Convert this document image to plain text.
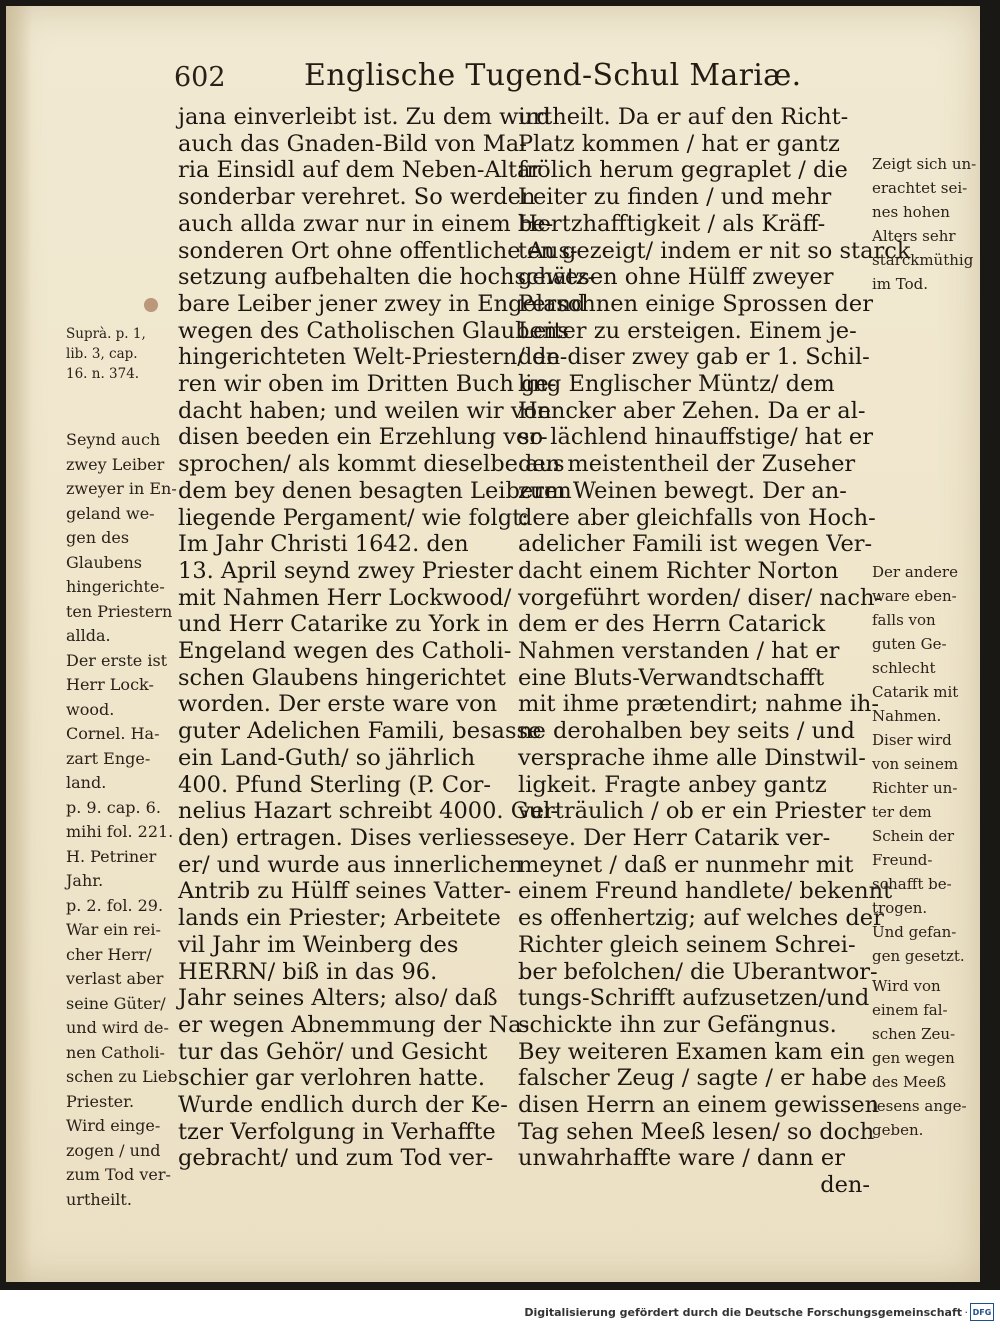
602	Englische Tugend-Schul Mariæ.

Suprà. p. 1,

lib. 3, cap.

16. n. 374.

Seynd auch

zwey Leiber

zweyer in En-

geland we-

gen des

Glaubens

hingerichte-

ten Priestern

allda.

Der erste ist

Herr Lock-

wood.

Cornel. Ha-

zart Enge-

land.

p. 9. cap. 6.

mihi fol. 221.

H. Petriner

Jahr.

p. 2. fol. 29.

War ein rei-

cher Herr/

verlast aber

seine Güter/

und wird de-

nen Catholi-

schen zu Lieb

Priester.

Wird einge-

zogen / und

zum Tod ver-

urtheilt.

jana einverleibt ist. Zu dem wird

auch das Gnaden-Bild von Ma-

ria Einsidl auf dem Neben-Altar

sonderbar verehret. So werden

auch allda zwar nur in einem be-

sonderen Ort ohne offentliche Aus-

setzung aufbehalten die hochschätz-

bare Leiber jener zwey in Engeland

wegen des Catholischen Glaubens

hingerichteten Welt-Priestern/ de-

ren wir oben im Dritten Buch ge-

dacht haben; und weilen wir von

disen beeden ein Erzehlung ver-

sprochen/ als kommt dieselbe aus

dem bey denen besagten Leiberen

liegende Pergament/ wie folgt:

Im Jahr Christi 1642. den

13. April seynd zwey Priester

mit Nahmen Herr Lockwood/

und Herr Catarike zu York in

Engeland wegen des Catholi-

schen Glaubens hingerichtet

worden. Der erste ware von

guter Adelichen Famili, besasse

ein Land-Guth/ so jährlich

400. Pfund Sterling (P. Cor-

nelius Hazart schreibt 4000. Gul-

den) ertragen. Dises verliesse

er/ und wurde aus innerlichen

Antrib zu Hülff seines Vatter-

lands ein Priester; Arbeitete

vil Jahr im Weinberg des

HERRN/ biß in das 96.

Jahr seines Alters; also/ daß

er wegen Abnemmung der Na-

tur das Gehör/ und Gesicht

schier gar verlohren hatte.

Wurde endlich durch der Ke-

tzer Verfolgung in Verhaffte

gebracht/ und zum Tod ver-

urtheilt. Da er auf den Richt-

Platz kommen / hat er gantz

frölich herum gegraplet / die

Leiter zu finden / und mehr

Hertzhafftigkeit / als Kräff-

ten gezeigt/ indem er nit so starck

gewesen ohne Hülff zweyer

Persohnen einige Sprossen der

Leiter zu ersteigen. Einem je-

den diser zwey gab er 1. Schil-

ling Englischer Müntz/ dem

Hencker aber Zehen. Da er al-

so lächlend hinauffstige/ hat er

den meistentheil der Zuseher

zum Weinen bewegt. Der an-

dere aber gleichfalls von Hoch-

adelicher Famili ist wegen Ver-

dacht einem Richter Norton

vorgeführt worden/ diser/ nach-

dem er des Herrn Catarick

Nahmen verstanden / hat er

eine Bluts-Verwandtschafft

mit ihme prætendirt; nahme ih-

ne derohalben bey seits / und

versprache ihme alle Dinstwil-

ligkeit. Fragte anbey gantz

verträulich / ob er ein Priester

seye. Der Herr Catarik ver-

meynet / daß er nunmehr mit

einem Freund handlete/ bekennt

es offenhertzig; auf welches der

Richter gleich seinem Schrei-

ber befolchen/ die Uberantwor-

tungs-Schrifft aufzusetzen/und

schickte ihn zur Gefängnus.

Bey weiteren Examen kam ein

falscher Zeug / sagte / er habe

disen Herrn an einem gewissen

Tag sehen Meeß lesen/ so doch

unwahrhaffte ware / dann er

den-

Zeigt sich un-

erachtet sei-

nes hohen

Alters sehr

starckmüthig

im Tod.

Der andere

ware eben-

falls von

guten Ge-

schlecht

Catarik mit

Nahmen.

Diser wird

von seinem

Richter un-

ter dem

Schein der

Freund-

schafft be-

trogen.

Und gefan-

gen gesetzt.

Wird von

einem fal-

schen Zeu-

gen wegen

des Meeß

lesens ange-

geben.

Digitalisierung gefördert durch die Deutsche Forschungsgemeinschaft · DFG
